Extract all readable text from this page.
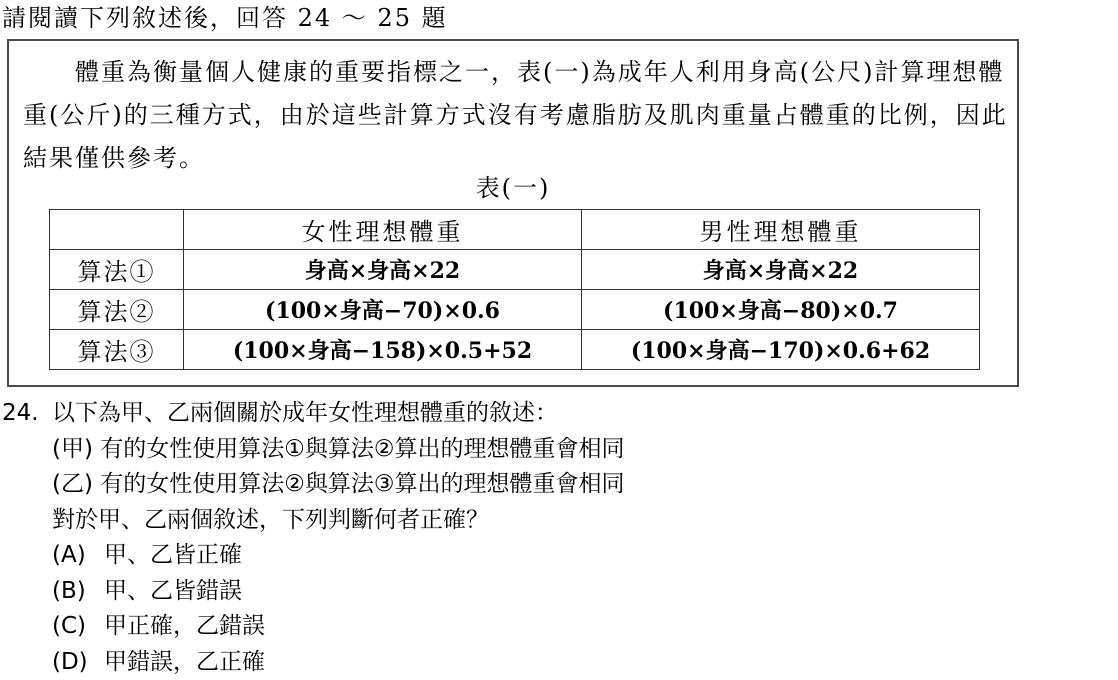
請閱讀下列敘述後，回答 24 ～ 25 題

體重為衡量個人健康的重要指標之一，表(一)為成年人利用身高(公尺)計算理想體重(公斤)的三種方式，由於這些計算方式沒有考慮脂肪及肌肉重量占體重的比例，因此結果僅供參考。

表(一)
	女性理想體重	男性理想體重
算法①	身高×身高×22	身高×身高×22
算法②	(100×身高−70)×0.6	(100×身高−80)×0.7
算法③	(100×身高−158)×0.5+52	(100×身高−170)×0.6+62
24. 以下為甲、乙兩個關於成年女性理想體重的敘述：
(甲) 有的女性使用算法①與算法②算出的理想體重會相同
(乙) 有的女性使用算法②與算法③算出的理想體重會相同
對於甲、乙兩個敘述，下列判斷何者正確？
(A) 甲、乙皆正確
(B) 甲、乙皆錯誤
(C) 甲正確，乙錯誤
(D) 甲錯誤，乙正確
